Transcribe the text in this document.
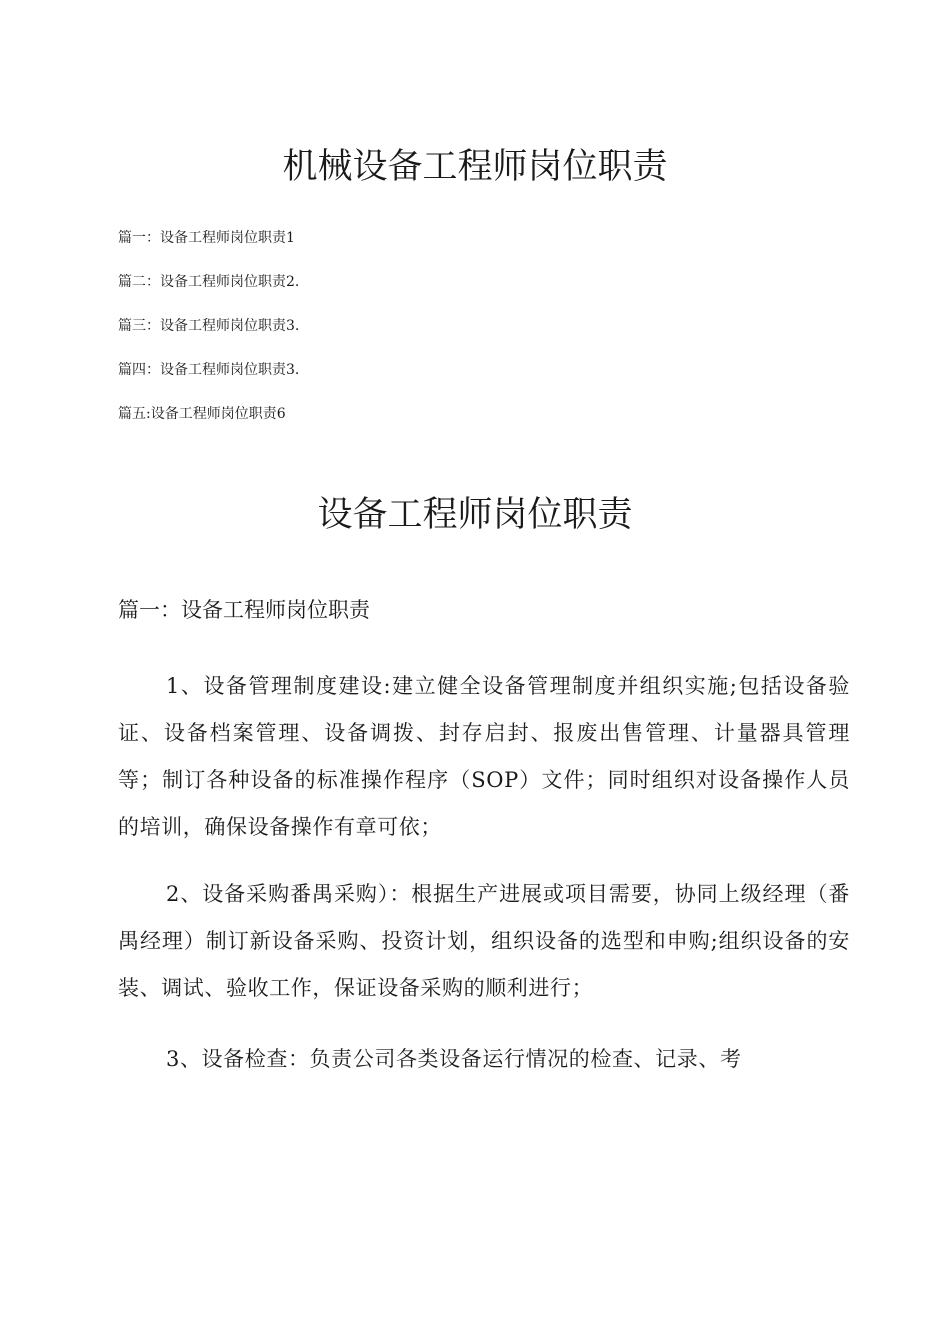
机械设备工程师岗位职责
篇一：设备工程师岗位职责1
篇二：设备工程师岗位职责2.
篇三：设备工程师岗位职责3.
篇四：设备工程师岗位职责3.
篇五:设备工程师岗位职责6
设备工程师岗位职责
篇一：设备工程师岗位职责

1、设备管理制度建设:建立健全设备管理制度并组织实施;包括设备验证、设备档案管理、设备调拨、封存启封、报废出售管理、计量器具管理等；制订各种设备的标准操作程序（SOP）文件；同时组织对设备操作人员的培训，确保设备操作有章可依；

2、设备采购番禺采购）：根据生产进展或项目需要，协同上级经理（番禺经理）制订新设备采购、投资计划，组织设备的选型和申购;组织设备的安装、调试、验收工作，保证设备采购的顺利进行；

3、设备检查：负责公司各类设备运行情况的检查、记录、考
